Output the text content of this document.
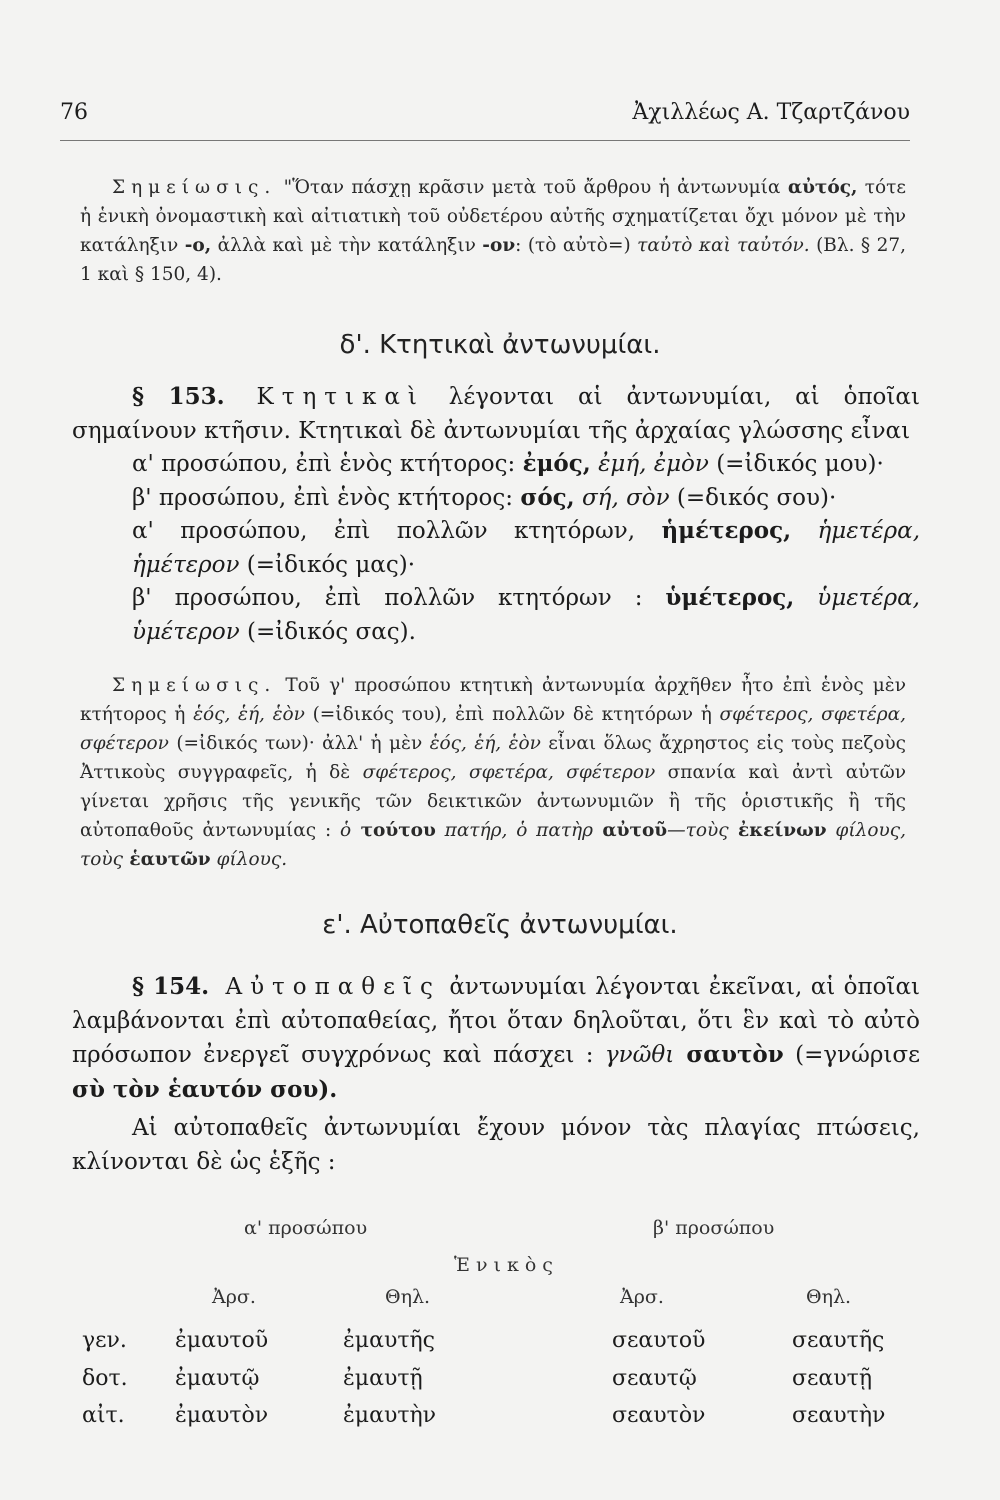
76	Ἀχιλλέως Α. Τζαρτζάνου

Σημείωσις. "Ὅταν πάσχῃ κρᾶσιν μετὰ τοῦ ἄρθρου ἡ ἀντωνυμία αὐτός, τότε ἡ ἑνικὴ ὀνομαστικὴ καὶ αἰτιατικὴ τοῦ οὐδετέρου αὐτῆς σχηματίζεται ὄχι μόνον μὲ τὴν κατάληξιν -ο, ἀλλὰ καὶ μὲ τὴν κατάληξιν -ον: (τὸ αὐτὸ=) ταὐτὸ καὶ ταὐτόν. (Βλ. § 27, 1 καὶ § 150, 4).

δ'. Κτητικαὶ ἀντωνυμίαι.

§ 153. Κτητικαὶ λέγονται αἱ ἀντωνυμίαι, αἱ ὁποῖαι σημαίνουν κτῆσιν. Κτητικαὶ δὲ ἀντωνυμίαι τῆς ἀρχαίας γλώσσης εἶναι

α' προσώπου, ἐπὶ ἑνὸς κτήτορος: ἐμός, ἐμή, ἐμὸν (=ἰδικός μου)·
β' προσώπου, ἐπὶ ἑνὸς κτήτορος: σός, σή, σὸν (=δικός σου)·
α' προσώπου, ἐπὶ πολλῶν κτητόρων, ἡμέτερος, ἡμετέρα, ἡμέτερον (=ἰδικός μας)·
β' προσώπου, ἐπὶ πολλῶν κτητόρων : ὑμέτερος, ὑμετέρα, ὑμέτερον (=ἰδικός σας).

Σημείωσις. Τοῦ γ' προσώπου κτητικὴ ἀντωνυμία ἀρχῆθεν ἦτο ἐπὶ ἑνὸς μὲν κτήτορος ἡ ἑός, ἑή, ἑὸν (=ἰδικός του), ἐπὶ πολλῶν δὲ κτητόρων ἡ σφέτερος, σφετέρα, σφέτερον (=ἰδικός των)· ἀλλ' ἡ μὲν ἑός, ἑή, ἑὸν εἶναι ὅλως ἄχρηστος εἰς τοὺς πεζοὺς Ἀττικοὺς συγγραφεῖς, ἡ δὲ σφέτερος, σφετέρα, σφέτερον σπανία καὶ ἀντὶ αὐτῶν γίνεται χρῆσις τῆς γενικῆς τῶν δεικτικῶν ἀντωνυμιῶν ἢ τῆς ὁριστικῆς ἢ τῆς αὐτοπαθοῦς ἀντωνυμίας : ὁ τούτου πατήρ, ὁ πατὴρ αὐτοῦ—τοὺς ἐκείνων φίλους, τοὺς ἑαυτῶν φίλους.

ε'. Αὐτοπαθεῖς ἀντωνυμίαι.

§ 154. Αὐτοπαθεῖς ἀντωνυμίαι λέγονται ἐκεῖναι, αἱ ὁποῖαι λαμβάνονται ἐπὶ αὐτοπαθείας, ἤτοι ὅταν δηλοῦται, ὅτι ἓν καὶ τὸ αὐτὸ πρόσωπον ἐνεργεῖ συγχρόνως καὶ πάσχει : γνῶθι σαυτὸν (=γνώρισε σὺ τὸν ἑαυτόν σου).

Αἱ αὐτοπαθεῖς ἀντωνυμίαι ἔχουν μόνον τὰς πλαγίας πτώσεις, κλίνονται δὲ ὡς ἑξῆς :

α' προσώπου	β' προσώπου
Ἑνικὸς
Ἀρσ.	Θηλ.	Ἀρσ.	Θηλ.
γεν. ἐμαυτοῦ	ἐμαυτῆς	σεαυτοῦ	σεαυτῆς
δοτ. ἐμαυτῷ	ἐμαυτῇ	σεαυτῷ	σεαυτῇ
αἰτ. ἐμαυτὸν	ἐμαυτὴν	σεαυτὸν	σεαυτὴν
